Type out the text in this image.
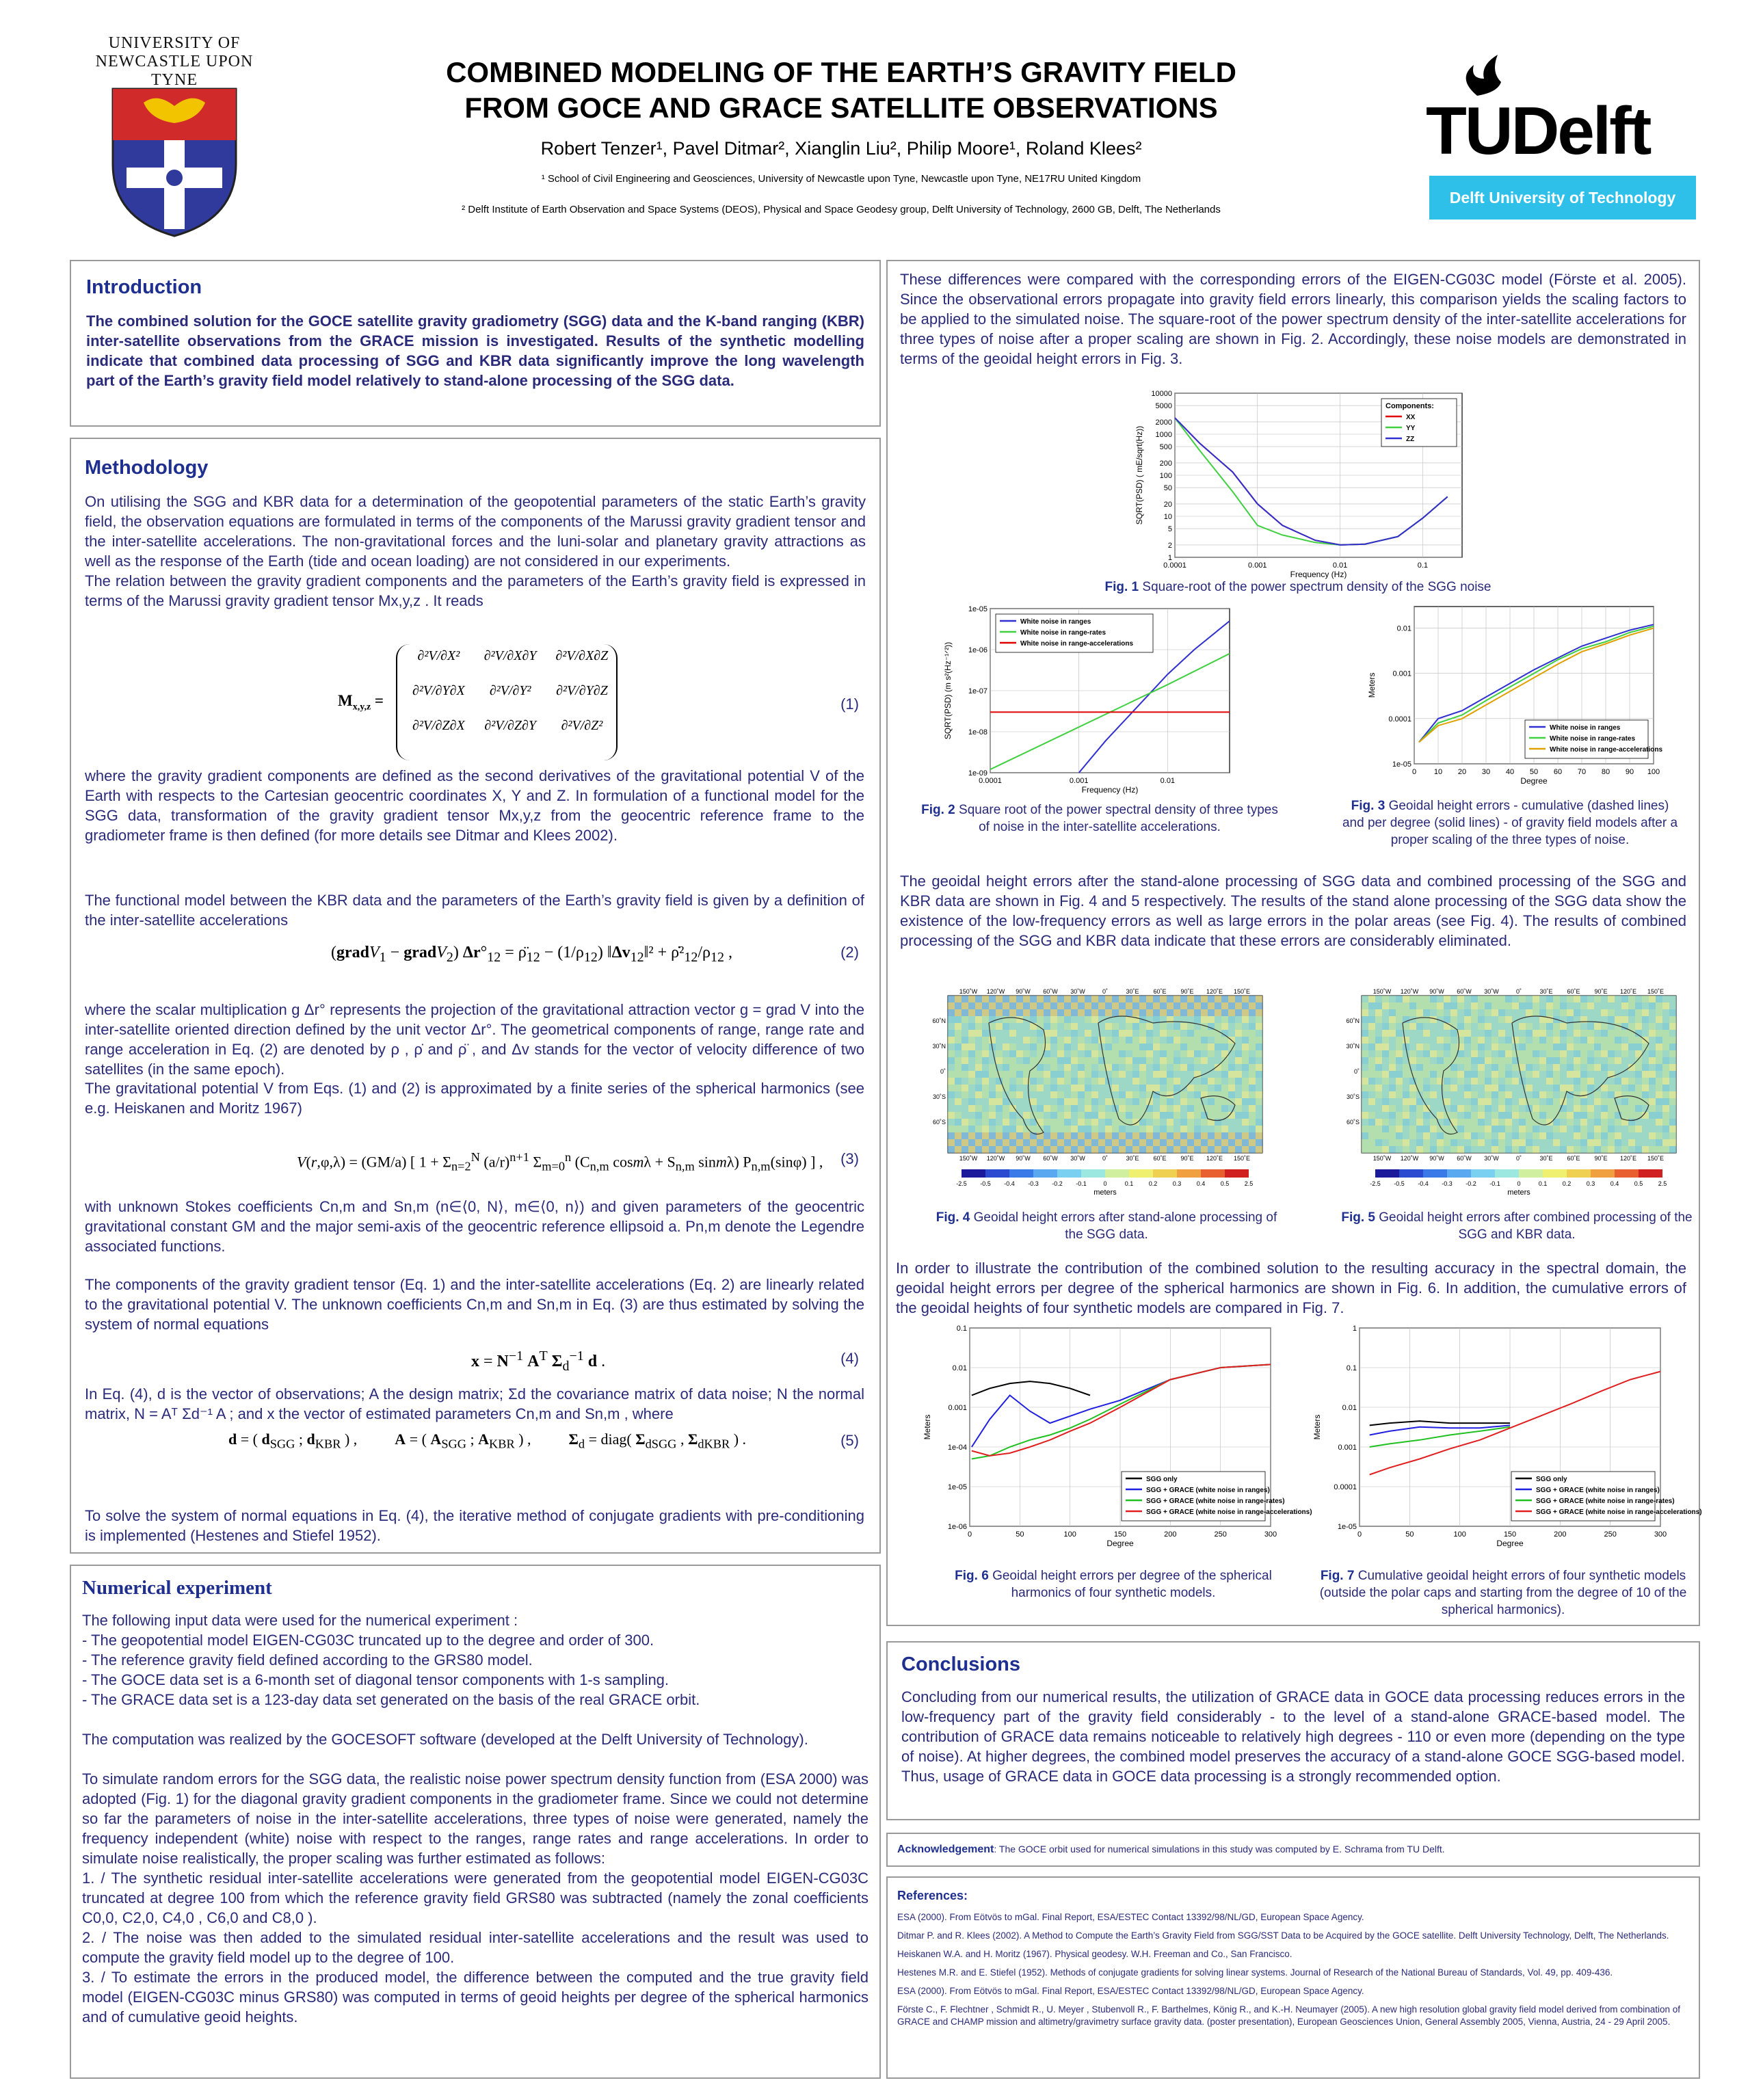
UNIVERSITY OF
NEWCASTLE UPON TYNE	COMBINED MODELING OF THE EARTH’S GRAVITY FIELD
FROM GOCE AND GRACE SATELLITE OBSERVATIONS
Robert Tenzer¹, Pavel Ditmar², Xianglin Liu², Philip Moore¹, Roland Klees²
¹ School of Civil Engineering and Geosciences, University of Newcastle upon Tyne, Newcastle upon Tyne, NE17RU United Kingdom
² Delft Institute of Earth Observation and Space Systems (DEOS), Physical and Space Geodesy group, Delft University of Technology, 2600 GB, Delft, The Netherlands
TUDelft
Delft University of Technology
Introduction
The combined solution for the GOCE satellite gravity gradiometry (SGG) data and the K-band ranging (KBR) inter-satellite observations from the GRACE mission is investigated. Results of the synthetic modelling indicate that combined data processing of SGG and KBR data significantly improve the long wavelength part of the Earth’s gravity field model relatively to stand-alone processing of the SGG data.
Methodology
On utilising the SGG and KBR data for a determination of the geopotential parameters of the static Earth’s gravity field, the observation equations are formulated in terms of the components of the Marussi gravity gradient tensor and the inter-satellite accelerations. The non-gravitational forces and the luni-solar and planetary gravity attractions as well as the response of the Earth (tide and ocean loading) are not considered in our experiments.
The relation between the gravity gradient components and the parameters of the Earth’s gravity field is expressed in terms of the Marussi gravity gradient tensor Mx,y,z . It reads
$M_{x,y,z}$ =
∂²V/∂X²	∂²V/∂X∂Y	∂²V/∂X∂Z
∂²V/∂Y∂X	∂²V/∂Y²	∂²V/∂Y∂Z
∂²V/∂Z∂X	∂²V/∂Z∂Y	∂²V/∂Z²
(1)
where the gravity gradient components are defined as the second derivatives of the gravitational potential V of the Earth with respects to the Cartesian geocentric coordinates X, Y and Z. In formulation of a functional model for the SGG data, transformation of the gravity gradient tensor Mx,y,z from the geocentric reference frame to the gradiometer frame is then defined (for more details see Ditmar and Klees 2002).
The functional model between the KBR data and the parameters of the Earth’s gravity field is given by a definition of the inter-satellite accelerations
(gradV$_1$ − gradV$_2$) $\Delta r^\circ_{12}$ = $\rhö_{12} - (1/\rho_{12})$ $‖\Delta v_{12}‖^2$ + $\rhȯ^2_{12}/\rho_{12}$ ,	(2)
where the scalar multiplication g Δr° represents the projection of the gravitational attraction vector g = grad V into the inter-satellite oriented direction defined by the unit vector Δr°. The geometrical components of range, range rate and range acceleration in Eq. (2) are denoted by ρ , ρ̇ and ρ̈ , and Δv stands for the vector of velocity difference of two satellites (in the same epoch).
The gravitational potential V from Eqs. (1) and (2) is approximated by a finite series of the spherical harmonics (see e.g. Heiskanen and Moritz 1967)
V(r,φ,λ) = (GM/a) [ $1 + \Sigma_{n=2}^N$ $(a/r)^{n+1}$ $\Sigma_{m=0}^n$ ($C_{n,m}$ $\cos m\lambda + S_{n,m}$ sinmλ) $P_{n,m}(\sin\varphi)$ ] , (3)
with unknown Stokes coefficients Cn,m and Sn,m (n∈⟨0, N⟩, m∈⟨0, n⟩) and given parameters of the geocentric gravitational constant GM and the major semi-axis of the geocentric reference ellipsoid a. Pn,m denote the Legendre associated functions.
The components of the gravity gradient tensor (Eq. 1) and the inter-satellite accelerations (Eq. 2) are linearly related to the gravitational potential V. The unknown coefficients Cn,m and Sn,m in Eq. (3) are thus estimated by solving the system of normal equations
$x = N^{-1}$ $A^T$ $\Sigma_d^{-1}$ d .	(4)
In Eq. (4), d is the vector of observations; A the design matrix; Σd the covariance matrix of data noise; N the normal matrix, N = Aᵀ Σd⁻¹ A ; and x the vector of estimated parameters Cn,m and Sn,m , where
d = ( $d_{SGG}$ ; $d_{KBR}$ ) ,          A = ( $A_{SGG}$ ; $A_{KBR}$ ) ,          $\Sigma_d$ = diag( $\Sigma_{dSGG}$ , $\Sigma_{dKBR}$ ) .	(5)
To solve the system of normal equations in Eq. (4), the iterative method of conjugate gradients with pre-conditioning is implemented (Hestenes and Stiefel 1952).
Numerical experiment

The following input data were used for the numerical experiment :

- The geopotential model EIGEN-CG03C truncated up to the degree and order of 300.

- The reference gravity field defined according to the GRS80 model.

- The GOCE data set is a 6-month set of diagonal tensor components with 1-s sampling.

- The GRACE data set is a 123-day data set generated on the basis of the real GRACE orbit.

The computation was realized by the GOCESOFT software (developed at the Delft University of Technology).

To simulate random errors for the SGG data, the realistic noise power spectrum density function from (ESA 2000) was adopted (Fig. 1) for the diagonal gravity gradient components in the gradiometer frame. Since we could not determine so far the parameters of noise in the inter-satellite accelerations, three types of noise were generated, namely the frequency independent (white) noise with respect to the ranges, range rates and range accelerations. In order to simulate noise realistically, the proper scaling was further estimated as follows:

1. / The synthetic residual inter-satellite accelerations were generated from the geopotential model EIGEN-CG03C truncated at degree 100 from which the reference gravity field GRS80 was subtracted (namely the zonal coefficients C0,0, C2,0, C4,0 , C6,0 and C8,0 ).

2. / The noise was then added to the simulated residual inter-satellite accelerations and the result was used to compute the gravity field model up to the degree of 100.

3. / To estimate the errors in the produced model, the difference between the computed and the true gravity field model (EIGEN-CG03C minus GRS80) was computed in terms of geoid heights per degree of the spherical harmonics and of cumulative geoid heights.

These differences were compared with the corresponding errors of the EIGEN-CG03C model (Förste et al. 2005). Since the observational errors propagate into gravity field errors linearly, this comparison yields the scaling factors to be applied to the simulated noise. The square-root of the power spectrum density of the inter-satellite accelerations for three types of noise after a proper scaling are shown in Fig. 2. Accordingly, these noise models are demonstrated in terms of the geoidal height errors in Fig. 3.
0.0001	0.001	0.01	0.1
1
2
5
10
20
50
100
200
500
1000
2000
5000
10000
Frequency (Hz)
SQRT(PSD) ( mE/sqrt(Hz))
Components:
XX
YY
ZZ
Fig. 1 Square-root of the power spectrum density of the SGG noise
0.0001	0.001	0.01
1e-09
1e-08
1e-07
1e-06
1e-05
Frequency (Hz)
SQRT(PSD) (m s²(Hz⁻¹ᐟ²))
White noise in ranges
White noise in range-rates
White noise in range-accelerations
Fig. 2 Square root of the power spectral density of three types of noise in the inter-satellite accelerations.
0 10 20 30 40 50 60 70 80 90 100
1e-05
0.0001
0.001
0.01
Degree
Meters
White noise in ranges
White noise in range-rates
White noise in range-accelerations
Fig. 3 Geoidal height errors - cumulative (dashed lines) and per degree (solid lines) - of gravity field models after a proper scaling of the three types of noise.
The geoidal height errors after the stand-alone processing of SGG data and combined processing of the SGG and KBR data are shown in Fig. 4 and 5 respectively. The results of the stand alone processing of the SGG data show the existence of the low-frequency errors as well as large errors in the polar areas (see Fig. 4). The results of combined processing of the SGG and KBR data indicate that these errors are considerably eliminated.
150˚W
150˚W
120˚W
120˚W
90˚W
90˚W
60˚W
60˚W
30˚W
30˚W
0˚
0˚
30˚E
30˚E
60˚E
60˚E
90˚E
90˚E
120˚E
120˚E
150˚E
150˚E
60˚N
30˚N
0˚
30˚S
60˚S
-2.5 -0.5 -0.4 -0.3 -0.2 -0.1	0	0.1 0.2 0.3 0.4 0.5 2.5
meters
Fig. 4 Geoidal height errors after stand-alone processing of the SGG data.
150˚W
150˚W
120˚W
120˚W
90˚W
90˚W
60˚W
60˚W
30˚W
30˚W
0˚
0˚
30˚E
30˚E
60˚E
60˚E
90˚E
90˚E
120˚E
120˚E
150˚E
150˚E
60˚N
30˚N
0˚
30˚S
60˚S
-2.5 -0.5 -0.4 -0.3 -0.2 -0.1	0	0.1 0.2 0.3 0.4 0.5 2.5
meters
Fig. 5 Geoidal height errors after combined processing of the SGG and KBR data.
In order to illustrate the contribution of the combined solution to the resulting accuracy in the spectral domain, the geoidal height errors per degree of the spherical harmonics are shown in Fig. 6. In addition, the cumulative errors of the geoidal heights of four synthetic models are compared in Fig. 7.
0	50	100	150	200	250	300
1e-06
1e-05
1e-04
0.001
0.01
0.1
Degree
Meters
SGG only
SGG + GRACE (white noise in ranges)
SGG + GRACE (white noise in range-rates)
SGG + GRACE (white noise in range-accelerations)
Fig. 6 Geoidal height errors per degree of the spherical harmonics of four synthetic models.
0	50	100	150	200	250	300
1e-05
0.0001
0.001
0.01
0.1
1
Degree
Meters
SGG only
SGG + GRACE (white noise in ranges)
SGG + GRACE (white noise in range-rates)
SGG + GRACE (white noise in range-accelerations)
Fig. 7 Cumulative geoidal height errors of four synthetic models (outside the polar caps and starting from the degree of 10 of the spherical harmonics).
Conclusions
Concluding from our numerical results, the utilization of GRACE data in GOCE data processing reduces errors in the low-frequency part of the gravity field considerably - to the level of a stand-alone GRACE-based model. The contribution of GRACE data remains noticeable to relatively high degrees - 110 or even more (depending on the type of noise). At higher degrees, the combined model preserves the accuracy of a stand-alone GOCE SGG-based model. Thus, usage of GRACE data in GOCE data processing is a strongly recommended option.
Acknowledgement: The GOCE orbit used for numerical simulations in this study was computed by E. Schrama from TU Delft.
References:
ESA (2000). From Eötvös to mGal. Final Report, ESA/ESTEC Contact 13392/98/NL/GD, European Space Agency.
Ditmar P. and R. Klees (2002). A Method to Compute the Earth’s Gravity Field from SGG/SST Data to be Acquired by the GOCE satellite. Delft University Technology, Delft, The Netherlands.
Heiskanen W.A. and H. Moritz (1967). Physical geodesy. W.H. Freeman and Co., San Francisco.
Hestenes M.R. and E. Stiefel (1952). Methods of conjugate gradients for solving linear systems. Journal of Research of the National Bureau of Standards, Vol. 49, pp. 409-436.
ESA (2000). From Eötvös to mGal. Final Report, ESA/ESTEC Contact 13392/98/NL/GD, European Space Agency.
Förste C., F. Flechtner , Schmidt R., U. Meyer , Stubenvoll R., F. Barthelmes, König R., and K.-H. Neumayer (2005). A new high resolution global gravity field model derived from combination of GRACE and CHAMP mission and altimetry/gravimetry surface gravity data. (poster presentation), European Geosciences Union, General Assembly 2005, Vienna, Austria, 24 - 29 April 2005.
